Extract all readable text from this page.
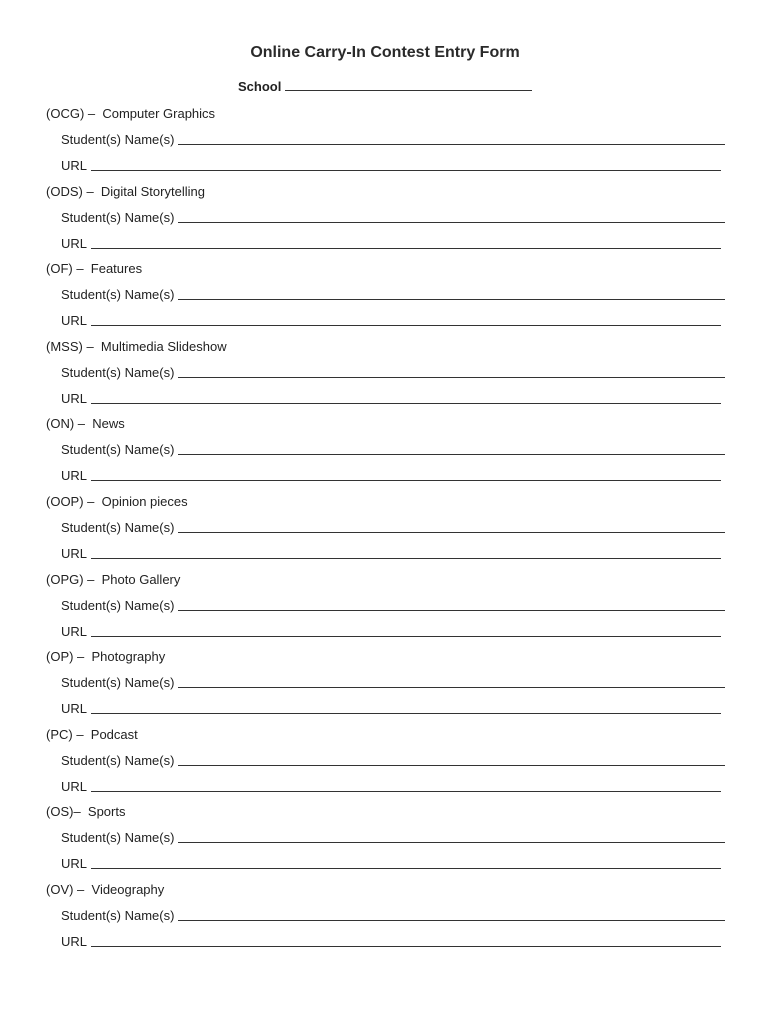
Online Carry-In Contest Entry Form
School
(OCG) –  Computer Graphics
Student(s) Name(s)
URL
(ODS) –  Digital Storytelling
Student(s) Name(s)
URL
(OF) –  Features
Student(s) Name(s)
URL
(MSS) –  Multimedia Slideshow
Student(s) Name(s)
URL
(ON) –  News
Student(s) Name(s)
URL
(OOP) –  Opinion pieces
Student(s) Name(s)
URL
(OPG) –  Photo Gallery
Student(s) Name(s)
URL
(OP) –  Photography
Student(s) Name(s)
URL
(PC) –  Podcast
Student(s) Name(s)
URL
(OS)–  Sports
Student(s) Name(s)
URL
(OV) –  Videography
Student(s) Name(s)
URL
